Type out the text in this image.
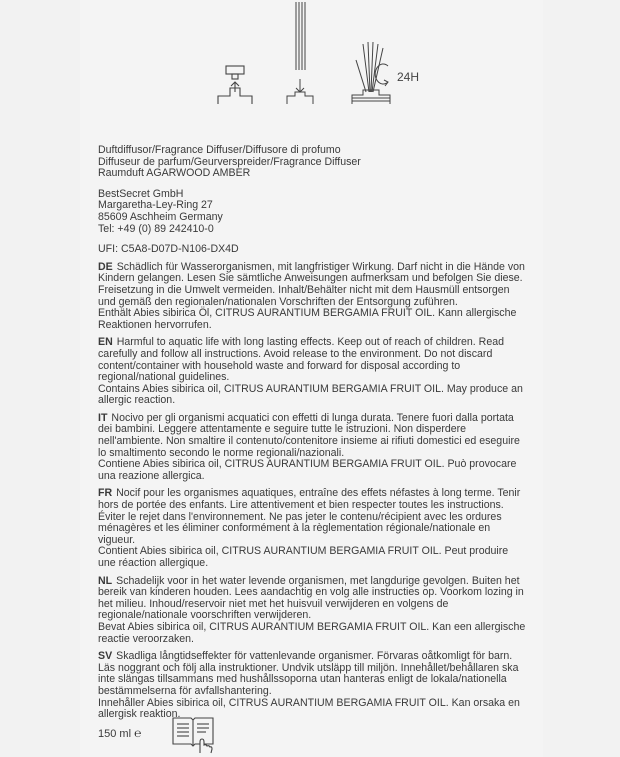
24H

Duftdiffusor/Fragrance Diffuser/Diffusore di profumo

Diffuseur de parfum/Geurverspreider/Fragrance Diffuser

Raumduft AGARWOOD AMBER

BestSecret GmbH

Margaretha-Ley-Ring 27

85609 Aschheim Germany

Tel: +49 (0) 89 242410-0

UFI: C5A8-D07D-N106-DX4D

DE Schädlich für Wasserorganismen, mit langfristiger Wirkung. Darf nicht in die Hände von Kindern gelangen. Lesen Sie sämtliche Anweisungen aufmerksam und befolgen Sie diese. Freisetzung in die Umwelt vermeiden. Inhalt/Behälter nicht mit dem Hausmüll entsorgen und gemäß den regionalen/nationalen Vorschriften der Entsorgung zuführen.

Enthält Abies sibirica Öl, CITRUS AURANTIUM BERGAMIA FRUIT OIL. Kann allergische Reaktionen hervorrufen.

EN Harmful to aquatic life with long lasting effects. Keep out of reach of children. Read carefully and follow all instructions. Avoid release to the environment. Do not discard content/container with household waste and forward for disposal according to regional/national guidelines.

Contains Abies sibirica oil, CITRUS AURANTIUM BERGAMIA FRUIT OIL. May produce an allergic reaction.

IT Nocivo per gli organismi acquatici con effetti di lunga durata. Tenere fuori dalla portata dei bambini. Leggere attentamente e seguire tutte le istruzioni. Non disperdere nell'ambiente. Non smaltire il contenuto/contenitore insieme ai rifiuti domestici ed eseguire lo smaltimento secondo le norme regionali/nazionali.

Contiene Abies sibirica oil, CITRUS AURANTIUM BERGAMIA FRUIT OIL. Può provocare una reazione allergica.

FR Nocif pour les organismes aquatiques, entraîne des effets néfastes à long terme. Tenir hors de portée des enfants. Lire attentivement et bien respecter toutes les instructions. Éviter le rejet dans l'environnement. Ne pas jeter le contenu/récipient avec les ordures ménagères et les éliminer conformément à la règlementation régionale/nationale en vigueur.

Contient Abies sibirica oil, CITRUS AURANTIUM BERGAMIA FRUIT OIL. Peut produire une réaction allergique.

NL Schadelijk voor in het water levende organismen, met langdurige gevolgen. Buiten het bereik van kinderen houden. Lees aandachtig en volg alle instructies op. Voorkom lozing in het milieu. Inhoud/reservoir niet met het huisvuil verwijderen en volgens de regionale/nationale voorschriften verwijderen.

Bevat Abies sibirica oil, CITRUS AURANTIUM BERGAMIA FRUIT OIL. Kan een allergische reactie veroorzaken.

SV Skadliga långtidseffekter för vattenlevande organismer. Förvaras oåtkomligt för barn. Läs noggrant och följ alla instruktioner. Undvik utsläpp till miljön. Innehållet/behållaren ska inte slängas tillsammans med hushållssoporna utan hanteras enligt de lokala/nationella bestämmelserna för avfallshantering.

Innehåller Abies sibirica oil, CITRUS AURANTIUM BERGAMIA FRUIT OIL. Kan orsaka en allergisk reaktion.

150 ml ℮
